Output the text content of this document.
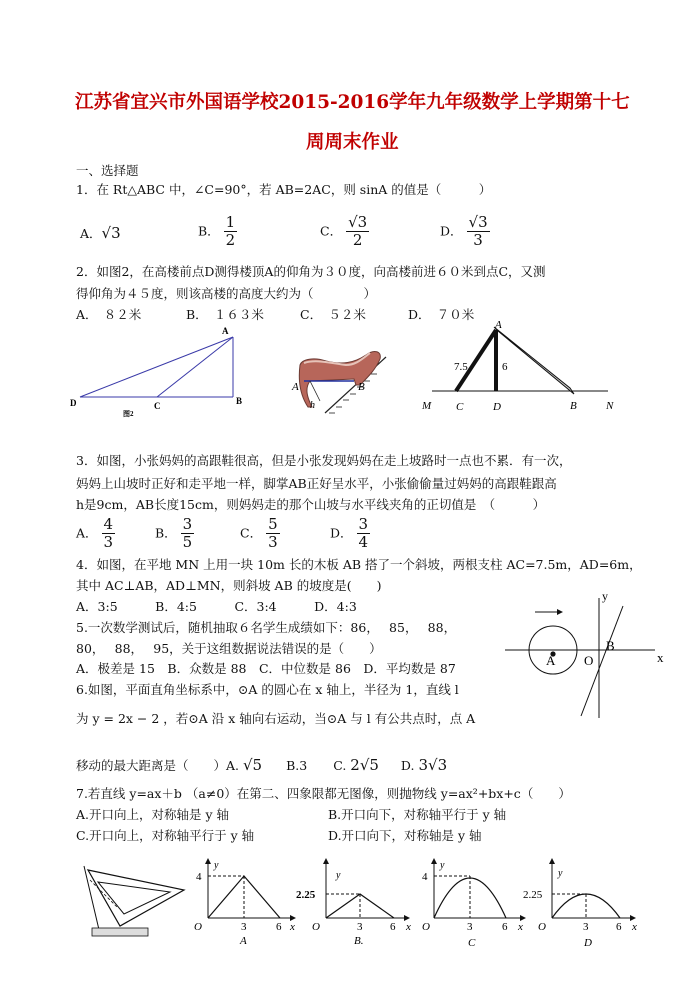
江苏省宜兴市外国语学校2015-2016学年九年级数学上学期第十七
周周末作业
一、选择题
1．在 Rt△ABC 中，∠C=90°，若 AB=2AC，则 sinA 的值是（　　　）
A．√3	B． $\frac{1}{2}$	C． $\frac{√3}{2}$	D． $\frac{√3}{3}$
2．如图2，在高楼前点D测得楼顶A的仰角为３０度，向高楼前进６０米到点C，又测
得仰角为４５度，则该高楼的高度大约为（　　　　）
A．　８２米	B．　１６３米	C．　５２米	D．　７０米
A
D	C	B
图2
A	B
h
A
7.5	6
M C	D	B	N
3．如图，小张妈妈的高跟鞋很高，但是小张发现妈妈在走上坡路时一点也不累．有一次，
妈妈上山坡时正好和走平地一样，脚掌AB正好呈水平，小张偷偷量过妈妈的高跟鞋跟高
h是9cm，AB长度15cm，则妈妈走的那个山坡与水平线夹角的正切值是　（　　　）
A． $\frac{4}{3}$	B． $\frac{3}{5}$	C． $\frac{5}{3}$	D． $\frac{3}{4}$
4．如图，在平地 MN 上用一块 10m 长的木板 AB 搭了一个斜坡，两根支柱 AC=7.5m，AD=6m，
其中 AC⊥AB，AD⊥MN，则斜坡 AB 的坡度是(　　)
A．3:5　　　B．4:5　　　C．3:4　　　D．4:3
5.一次数学测试后，随机抽取６名学生成绩如下：86，　 85，　 88，
80，　 88，　 95，关于这组数据说法错误的是（　　）
A．极差是 15　B．众数是 88　C．中位数是 86　D．平均数是 87
y
x
A O
B
6.如图，平面直角坐标系中，⊙A 的圆心在 x 轴上，半径为 1，直线 l
为 y = 2x − 2 ，若⊙A 沿 x 轴向右运动，当⊙A 与 l 有公共点时，点 A
移动的最大距离是（　　）A. √5 B.3 C. 2√5 D. 3√3
7.若直线 y=ax＋b （a≠0）在第二、四象限都无图像，则抛物线 y=ax²+bx+c（　　）
A.开口向上，对称轴是 y 轴	B.开口向下，对称轴平行于 y 轴
C.开口向上，对称轴平行于 y 轴	D.开口向下，对称轴是 y 轴
4
y
O	3	6 x
A
2.25
y
O	3	6 x
B.
4
y
O	3	6 x
C
2.25
y
O	3	6 x
D
